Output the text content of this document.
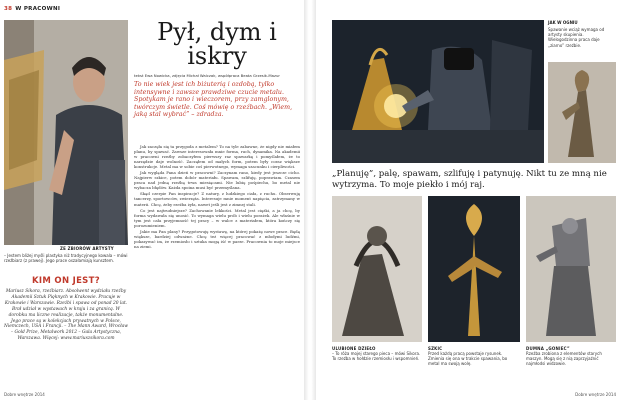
38 W PRACOWNI
ZE ZBIORÓW ARTYSTY
– Jestem bliżej myśli plastyka niż tradycyjnego kowala – mówi rzeźbiarz (z prawej). Jego prace oszałamiają kunsztem.
KIM ON JEST?
Mariusz Sikora, rzeźbiarz. Absolwent wydziału rzeźby Akademii Sztuk Pięknych w Krakowie. Pracuje w Krakowie i Warszawie. Rzeźbi i spawa od ponad 20 lat. Brał udział w wystawach w kraju i za granicą. W dorobku ma liczne realizacje, także monumentalne. Jego prace są w kolekcjach prywatnych w Polsce, Niemczech, USA i Francji. – The Mann Award, Wrocław – Gold Prize, Metalwork 2012 – Gala Artystyczna, Warszawa. Więcej: www.mariuszsikora.com
Pył, dym i iskry
tekst Ewa Nowicka, zdjęcia Michał Walczak, współpraca Beata Grzesik-Mazur
To nie wiek jest ich biżuterią i ozdobą, tylko intensywne i zawsze prawdziwe czucie metalu. Spotykam je rano i wieczorem, przy zamglonym, twórczym świetle. Coś mówię o rzeźbach. „Wiem, jaką stal wybrać” – zdradza.

Jak zaczęła się ta przygoda z metalem? To na tyle zabawne, że nigdy nie miałem planu, by spawać. Zawsze interesowała mnie forma, ruch, dynamika. Na akademii w pracowni rzeźby zobaczyłem pierwszy raz spawarkę i pomyślałem, że to narzędzie daje wolność. Zacząłem od małych form, potem były coraz większe konstrukcje. Metal ma w sobie coś pierwotnego, wymaga szacunku i cierpliwości.

Jak wygląda Pana dzień w pracowni? Zaczynam rano, kiedy jest jeszcze cicho. Najpierw szkice, potem dobór materiału. Spawam, szlifuję, poprawiam. Czasem praca nad jedną rzeźbą trwa miesiącami. Nie lubię pośpiechu, bo metal nie wybacza błędów. Każda spoina musi być przemyślana.

Skąd czerpie Pan inspiracje? Z natury, z ludzkiego ciała, z ruchu. Obserwuję tancerzy, sportowców, zwierzęta. Interesuje mnie moment napięcia, zatrzymany w materii. Chcę, żeby rzeźba żyła, nawet jeśli jest z zimnej stali.

Co jest najtrudniejsze? Zachowanie lekkości. Metal jest ciężki, a ja chcę, by forma wydawała się unosić. To wymaga wielu prób i wielu porażek. Ale właśnie w tym jest cała przyjemność tej pracy – w walce z materiałem, która kończy się porozumieniem.

Jakie ma Pan plany? Przygotowuję wystawę, na której pokażę nowe prace. Będą większe, bardziej odważne. Chcę też więcej pracować z młodymi ludźmi, pokazywać im, że rzemiosło i sztuka mogą iść w parze. Pracownia to moje miejsce na ziemi.

Dobre wnętrze 2014
JAK W OGNIU
Spawanie wciąż wymaga od artysty skupienia. Wielogodzinna praca daje „ziarno” rzeźbie.
„Planuję”, palę, spawam, szlifuję i patynuję. Nikt tu ze mną nie wytrzyma. To moje piekło i mój raj.
ULUBIONE DZIEŁO
– To róża mojej starego pieca – mówi Sikora. To rzeźba w hołdzie rzemiosłu i wspomnień.
SZKIC
Przed każdą pracą powstaje rysunek. Zmienia się ona w trakcie spawania, bo metal ma swoją wolę.
DUMNA „GONIEC”
Rzeźba zrobiona z elementów starych maszyn. Mogą się z nią zaprzyjaźnić najmłodsi widzowie.
Dobre wnętrze 2014
